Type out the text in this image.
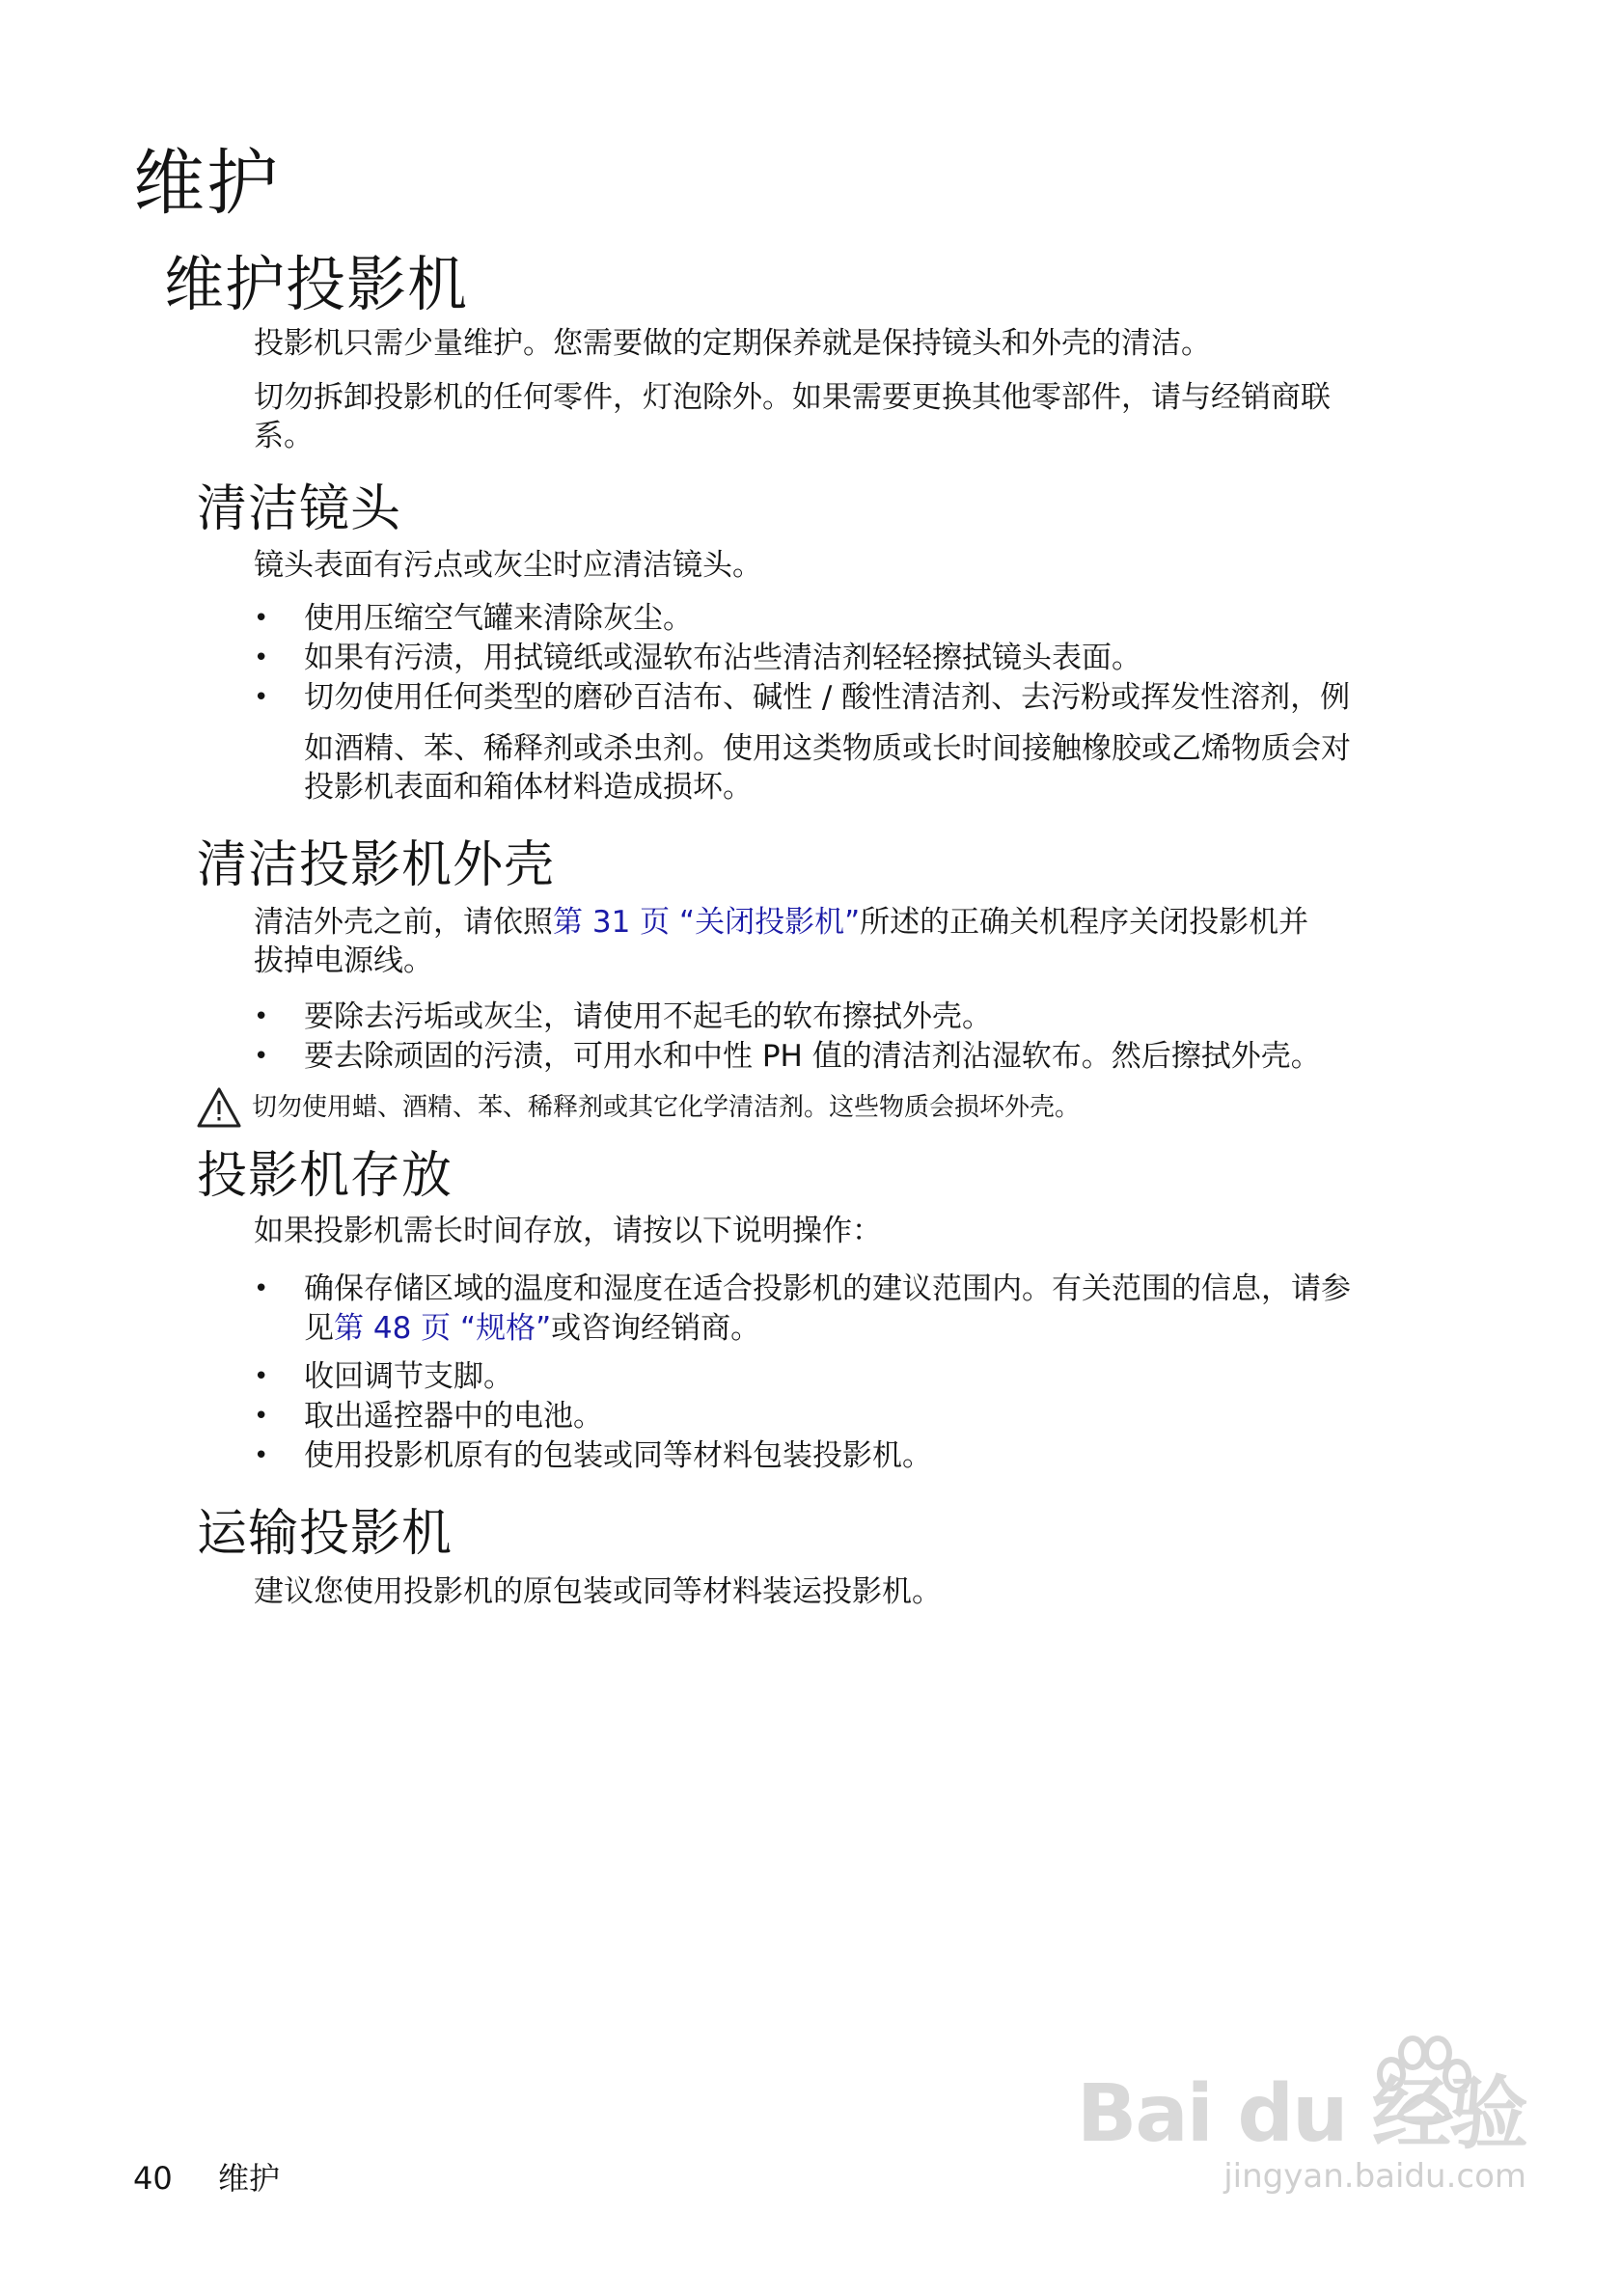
维护
维护投影机

投影机只需少量维护。您需要做的定期保养就是保持镜头和外壳的清洁。

切勿拆卸投影机的任何零件，灯泡除外。如果需要更换其他零部件，请与经销商联

系。

清洁镜头

镜头表面有污点或灰尘时应清洁镜头。

• 使用压缩空气罐来清除灰尘。
• 如果有污渍，用拭镜纸或湿软布沾些清洁剂轻轻擦拭镜头表面。
• 切勿使用任何类型的磨砂百洁布、碱性 / 酸性清洁剂、去污粉或挥发性溶剂，例

如酒精、苯、稀释剂或杀虫剂。使用这类物质或长时间接触橡胶或乙烯物质会对

投影机表面和箱体材料造成损坏。

清洁投影机外壳

清洁外壳之前，请依照第 31 页 “关闭投影机”所述的正确关机程序关闭投影机并

拔掉电源线。

• 要除去污垢或灰尘，请使用不起毛的软布擦拭外壳。
• 要去除顽固的污渍，可用水和中性 PH 值的清洁剂沾湿软布。然后擦拭外壳。
切勿使用蜡、酒精、苯、稀释剂或其它化学清洁剂。这些物质会损坏外壳。
投影机存放

如果投影机需长时间存放，请按以下说明操作：

• 确保存储区域的温度和湿度在适合投影机的建议范围内。有关范围的信息，请参

见第 48 页 “规格”或咨询经销商。

• 收回调节支脚。
• 取出遥控器中的电池。
• 使用投影机原有的包装或同等材料包装投影机。
运输投影机

建议您使用投影机的原包装或同等材料装运投影机。

40 维护
Bai du 经验
jingyan.baidu.com
